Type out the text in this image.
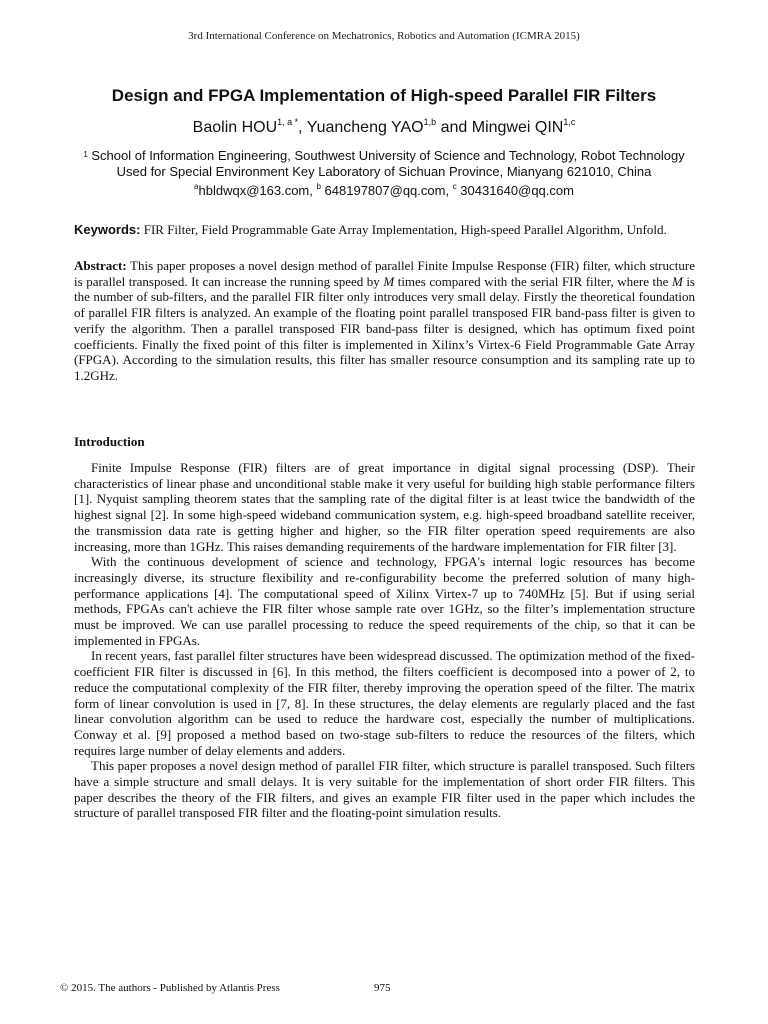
3rd International Conference on Mechatronics, Robotics and Automation (ICMRA 2015)
Design and FPGA Implementation of High-speed Parallel FIR Filters
Baolin $HOU^{1, a *}$, Yuancheng YAO$^{1,b}$ and Mingwei QIN$^{1,c}$
$^1$ School of Information Engineering, Southwest University of Science and Technology, Robot Technology
Used for Special Environment Key Laboratory of Sichuan Province, Mianyang 621010, China
$^a$hbldwqx@163.com, $^b$ 648197807@qq.com, $^c$ 30431640@qq.com
Keywords: FIR Filter, Field Programmable Gate Array Implementation, High-speed Parallel Algorithm, Unfold.
Abstract: This paper proposes a novel design method of parallel Finite Impulse Response (FIR) filter, which structure is parallel transposed. It can increase the running speed by M times compared with the serial FIR filter, where the M is the number of sub-filters, and the parallel FIR filter only introduces very small delay. Firstly the theoretical foundation of parallel FIR filters is analyzed. An example of the floating point parallel transposed FIR band-pass filter is given to verify the algorithm. Then a parallel transposed FIR band-pass filter is designed, which has optimum fixed point coefficients. Finally the fixed point of this filter is implemented in Xilinx’s Virtex-6 Field Programmable Gate Array (FPGA). According to the simulation results, this filter has smaller resource consumption and its sampling rate up to 1.2GHz.
Introduction

Finite Impulse Response (FIR) filters are of great importance in digital signal processing (DSP). Their characteristics of linear phase and unconditional stable make it very useful for building high stable performance filters [1]. Nyquist sampling theorem states that the sampling rate of the digital filter is at least twice the bandwidth of the highest signal [2]. In some high-speed wideband communication system, e.g. high-speed broadband satellite receiver, the transmission data rate is getting higher and higher, so the FIR filter operation speed requirements are also increasing, more than 1GHz. This raises demanding requirements of the hardware implementation for FIR filter [3].

With the continuous development of science and technology, FPGA's internal logic resources has become increasingly diverse, its structure flexibility and re-configurability become the preferred solution of many high-performance applications [4]. The computational speed of Xilinx Virtex-7 up to 740MHz [5]. But if using serial methods, FPGAs can't achieve the FIR filter whose sample rate over 1GHz, so the filter’s implementation structure must be improved. We can use parallel processing to reduce the speed requirements of the chip, so that it can be implemented in FPGAs.

In recent years, fast parallel filter structures have been widespread discussed. The optimization method of the fixed-coefficient FIR filter is discussed in [6]. In this method, the filters coefficient is decomposed into a power of 2, to reduce the computational complexity of the FIR filter, thereby improving the operation speed of the filter. The matrix form of linear convolution is used in [7, 8]. In these structures, the delay elements are regularly placed and the fast linear convolution algorithm can be used to reduce the hardware cost, especially the number of multiplications. Conway et al. [9] proposed a method based on two-stage sub-filters to reduce the resources of the filters, which requires large number of delay elements and adders.

This paper proposes a novel design method of parallel FIR filter, which structure is parallel transposed. Such filters have a simple structure and small delays. It is very suitable for the implementation of short order FIR filters. This paper describes the theory of the FIR filters, and gives an example FIR filter used in the paper which includes the structure of parallel transposed FIR filter and the floating-point simulation results.

© 2015. The authors - Published by Atlantis Press	975
